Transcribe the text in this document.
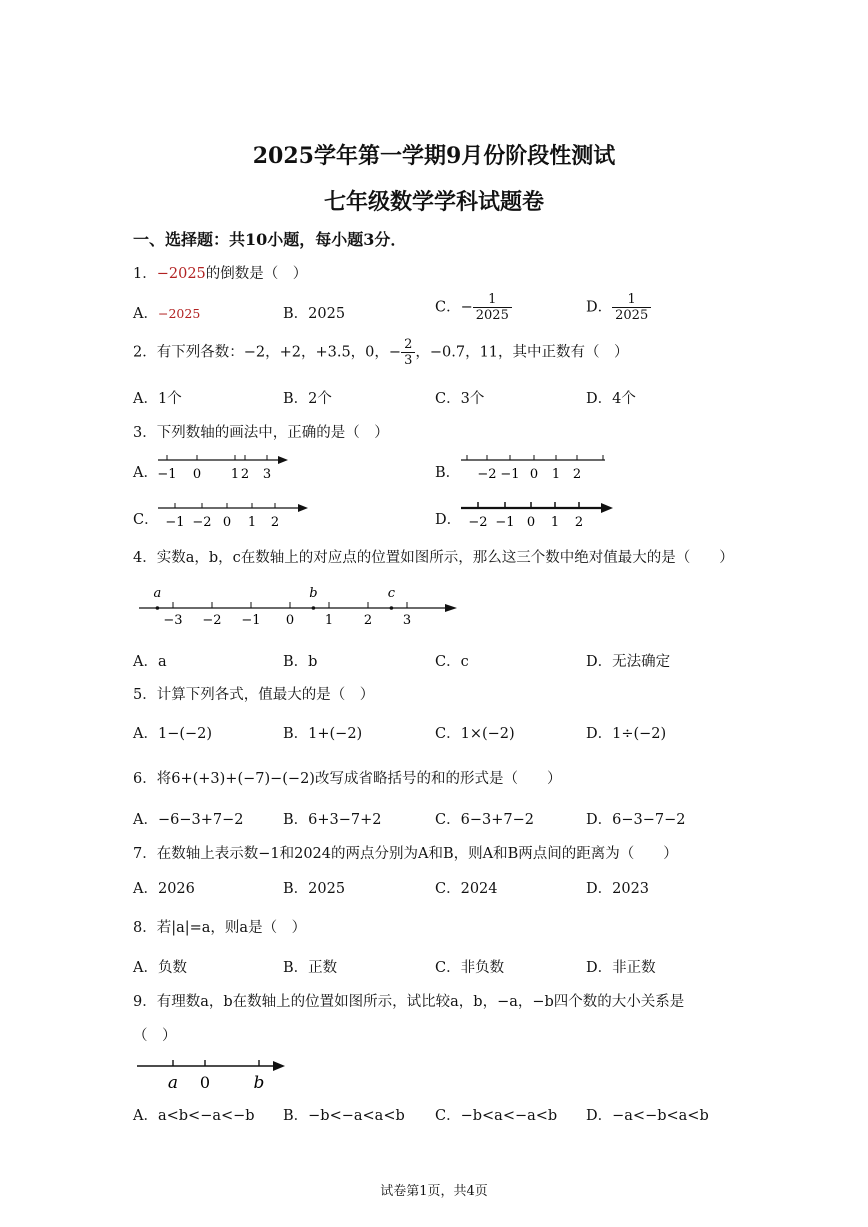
2025学年第一学期9月份阶段性测试
七年级数学学科试题卷
一、选择题：共10小题，每小题3分．
1．−2025的倒数是（　）
A．−2025	B．2025	C．− $\frac{1}{2025}$	D． $\frac{1}{2025}$
2．有下列各数：−2，+2，+3.5，0，− $\frac{2}{3}$ ，−0.7，11，其中正数有（　）
A．1个	B．2个	C．3个	D．4个
3．下列数轴的画法中，正确的是（　）
A． −1 0 1 2 3	B． −2 −1 0 1 2
C． −1 −2 0 1 2	D． −2 −1 0 1 2
4．实数a，b，c在数轴上的对应点的位置如图所示，那么这三个数中绝对值最大的是（　　）
−3 −2 −1 0 1 2 3
a	b	c
A．a	B．b	C．c	D．无法确定
5．计算下列各式，值最大的是（　）
A．1−(−2)	B．1+(−2)	C．1×(−2)	D．1÷(−2)
6．将6+(+3)+(−7)−(−2)改写成省略括号的和的形式是（　　）
A．−6−3+7−2	B．6+3−7+2	C．6−3+7−2	D．6−3−7−2
7．在数轴上表示数−1和2024的两点分别为A和B，则A和B两点间的距离为（　　）
A．2026	B．2025	C．2024	D．2023
8．若|a|=a，则a是（　）
A．负数	B．正数	C．非负数	D．非正数
9．有理数a，b在数轴上的位置如图所示，试比较a，b，−a，−b四个数的大小关系是
（　）
a 0	b
A．a<b<−a<−b B．−b<−a<a<b C．−b<a<−a<b D．−a<−b<a<b
试卷第1页，共4页
